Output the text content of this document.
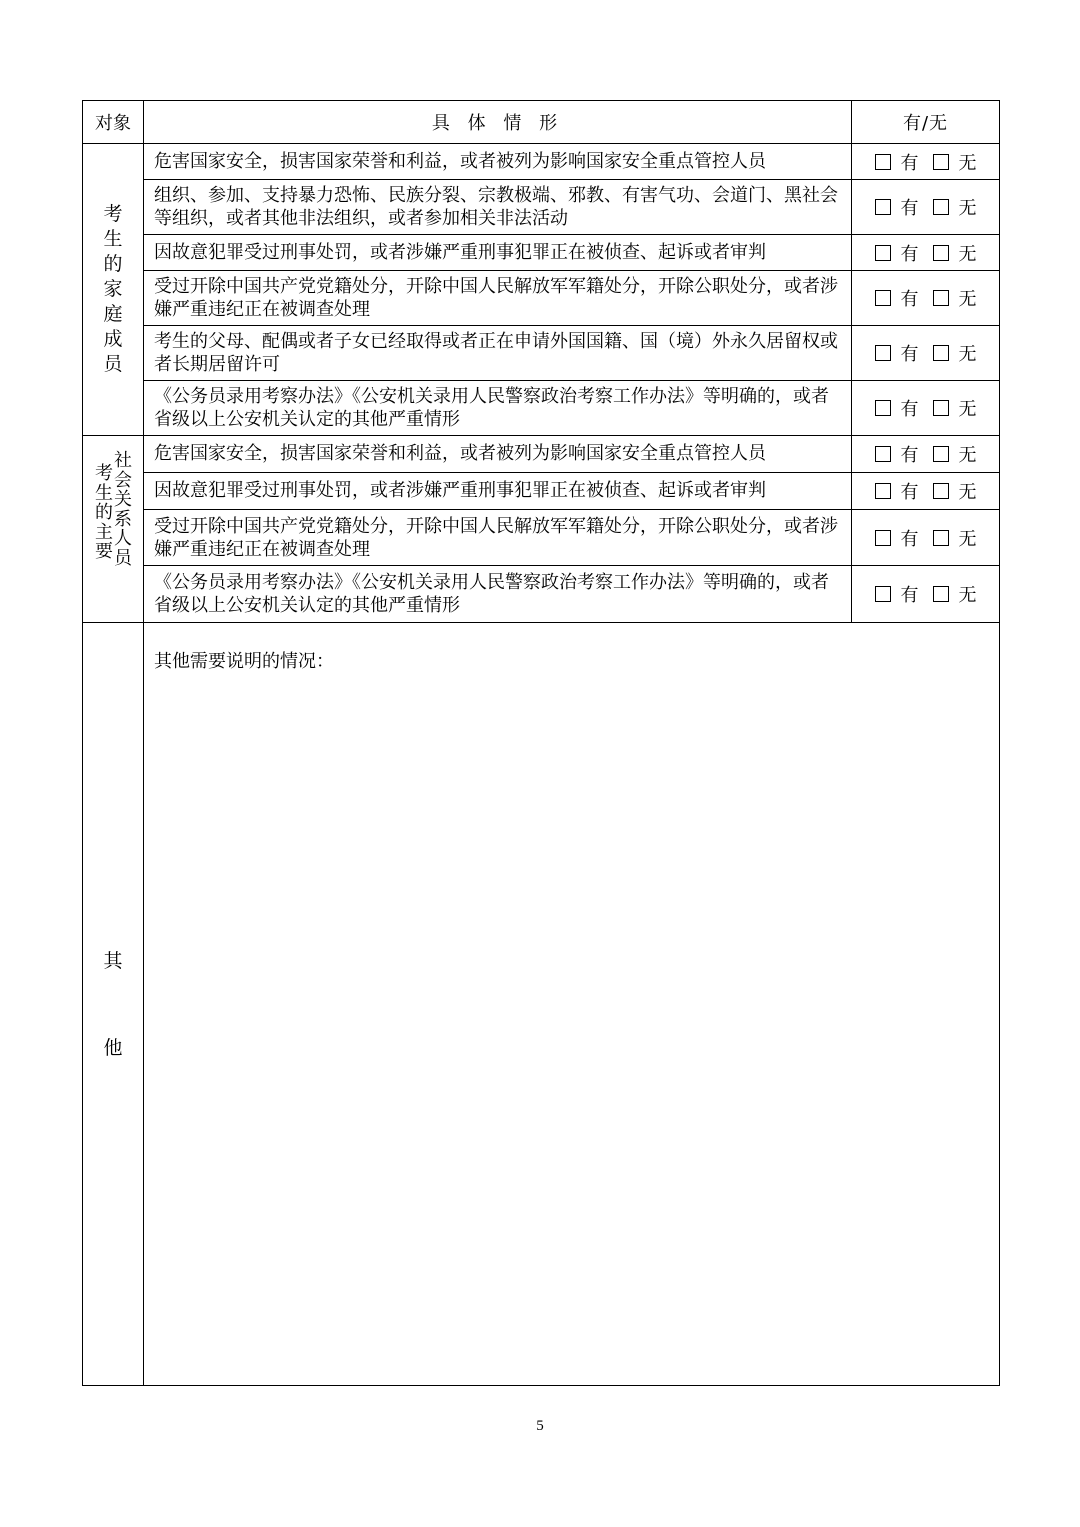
对象	具 体 情 形	有/无

考生的家庭成员	危害国家安全，损害国家荣誉和利益，或者被列为影响国家安全重点管控人员	有 无
	组织、参加、支持暴力恐怖、民族分裂、宗教极端、邪教、有害气功、会道门、黑社会等组织，或者其他非法组织，或者参加相关非法活动	有 无
	因故意犯罪受过刑事处罚，或者涉嫌严重刑事犯罪正在被侦查、起诉或者审判	有 无
	受过开除中国共产党党籍处分，开除中国人民解放军军籍处分，开除公职处分，或者涉嫌严重违纪正在被调查处理	有 无
	考生的父母、配偶或者子女已经取得或者正在申请外国国籍、国（境）外永久居留权或者长期居留许可	有 无
	《公务员录用考察办法》《公安机关录用人民警察政治考察工作办法》等明确的，或者省级以上公安机关认定的其他严重情形	有 无

考生的主要
社会关系人员	危害国家安全，损害国家荣誉和利益，或者被列为影响国家安全重点管控人员	有 无
	因故意犯罪受过刑事处罚，或者涉嫌严重刑事犯罪正在被侦查、起诉或者审判	有 无
	受过开除中国共产党党籍处分，开除中国人民解放军军籍处分，开除公职处分，或者涉嫌严重违纪正在被调查处理	有 无
	《公务员录用考察办法》《公安机关录用人民警察政治考察工作办法》等明确的，或者省级以上公安机关认定的其他严重情形	有 无

其
他	其他需要说明的情况：	
5
